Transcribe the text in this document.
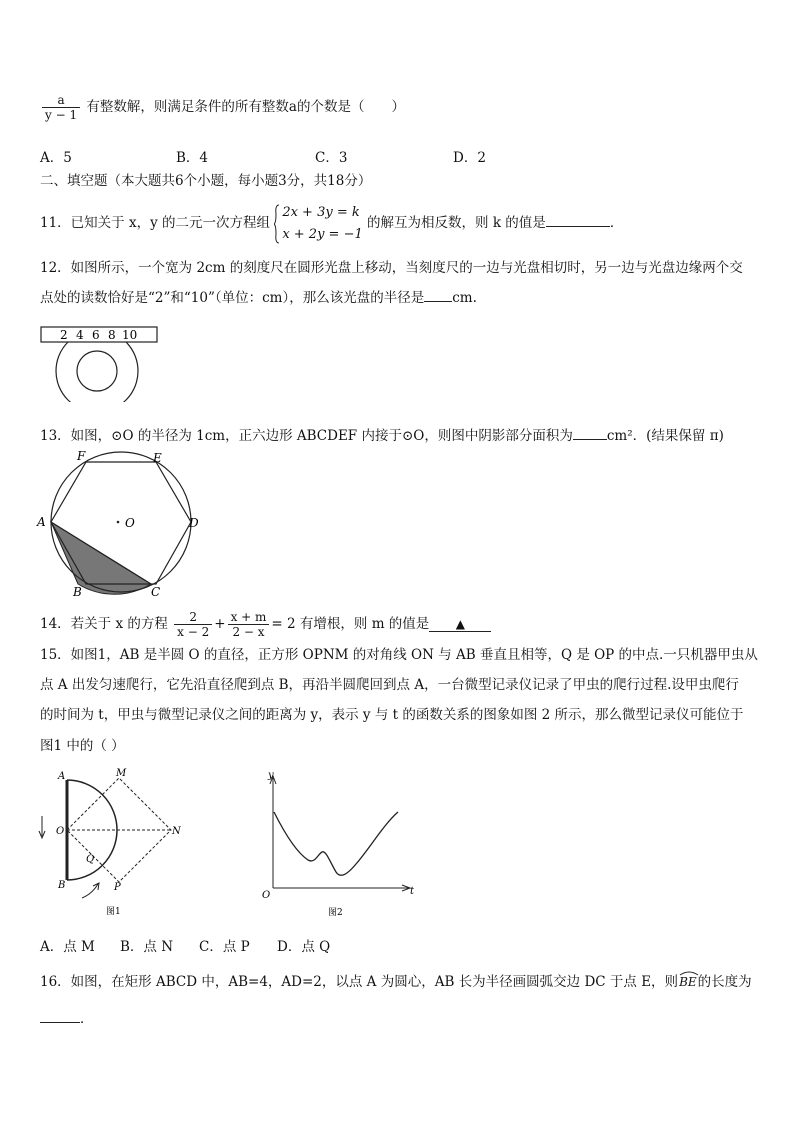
$\frac{a}{y - 1}$ 有整数解，则满足条件的所有整数a的个数是（　　）
A．5	B．4	C．3	D．2
二、填空题（本大题共6个小题，每小题3分，共18分）
11．已知关于 x，y 的二元一次方程组
2x + 3y = k
x + 2y = −1
的解互为相反数，则 k 的值是	．
12．如图所示，一个宽为 2cm 的刻度尺在圆形光盘上移动，当刻度尺的一边与光盘相切时，另一边与光盘边缘两个交
点处的读数恰好是“2”和“10”（单位：cm），那么该光盘的半径是 cm.
2 4 6 8 10
13．如图，⊙O 的半径为 1cm，正六边形 ABCDEF 内接于⊙O，则图中阴影部分面积为	cm²．(结果保留 π)
O
F	E
A	D
B	C
14．若关于 x 的方程 $\frac{2}{x - 2} + \frac{x + m}{2 - x} = 2$ 有增根，则 m 的值是 ▲
15．如图1，AB 是半圆 O 的直径，正方形 OPNM 的对角线 ON 与 AB 垂直且相等，Q 是 OP 的中点.一只机器甲虫从
点 A 出发匀速爬行，它先沿直径爬到点 B，再沿半圆爬回到点 A，一台微型记录仪记录了甲虫的爬行过程.设甲虫爬行
的时间为 t，甲虫与微型记录仪之间的距离为 y，表示 y 与 t 的函数关系的图象如图 2 所示，那么微型记录仪可能位于
图1 中的（ ）
A	M
O	N
Q
B	P
图1
y
t
O
图2
A．点 M B．点 N C．点 P D．点 Q
16．如图，在矩形 ABCD 中，AB=4，AD=2，以点 A 为圆心，AB 长为半径画圆弧交边 DC 于点 E，则
BE的长度为
．
